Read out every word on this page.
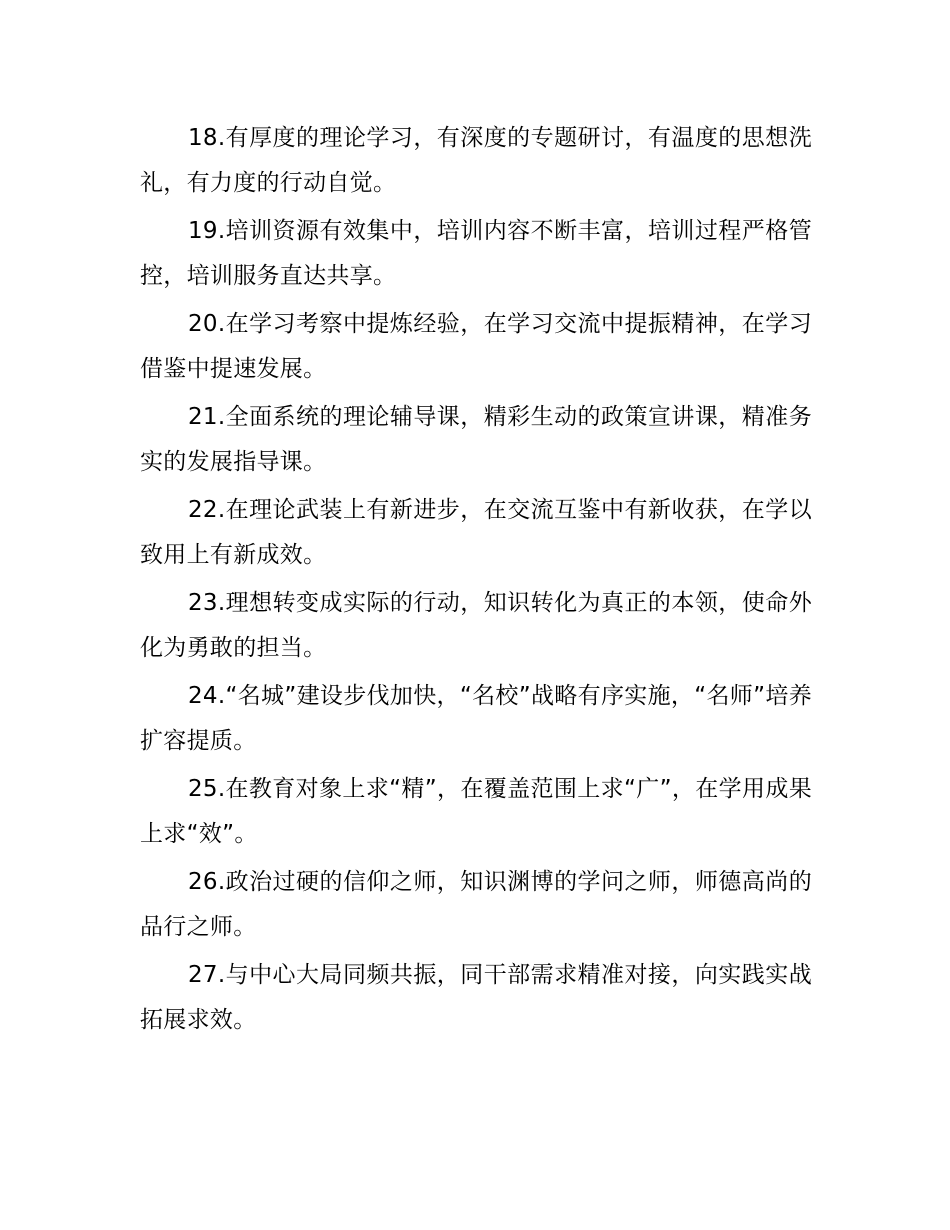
18.有厚度的理论学习，有深度的专题研讨，有温度的思想洗礼，有力度的行动自觉。

19.培训资源有效集中，培训内容不断丰富，培训过程严格管控，培训服务直达共享。

20.在学习考察中提炼经验，在学习交流中提振精神，在学习借鉴中提速发展。

21.全面系统的理论辅导课，精彩生动的政策宣讲课，精准务实的发展指导课。

22.在理论武装上有新进步，在交流互鉴中有新收获，在学以致用上有新成效。

23.理想转变成实际的行动，知识转化为真正的本领，使命外化为勇敢的担当。

24.“名城”建设步伐加快，“名校”战略有序实施，“名师”培养扩容提质。

25.在教育对象上求“精”，在覆盖范围上求“广”，在学用成果上求“效”。

26.政治过硬的信仰之师，知识渊博的学问之师，师德高尚的品行之师。

27.与中心大局同频共振，同干部需求精准对接，向实践实战拓展求效。
